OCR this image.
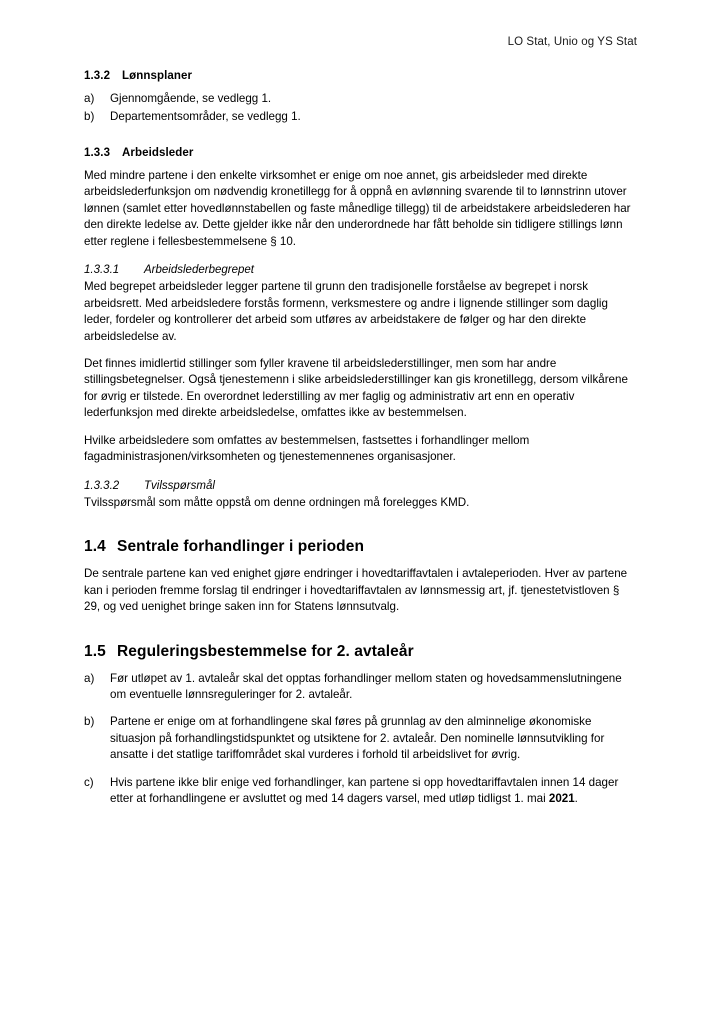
LO Stat, Unio og YS Stat
1.3.2 Lønnsplaner
a)	Gjennomgående, se vedlegg 1.
b)	Departementsområder, se vedlegg 1.
1.3.3 Arbeidsleder

Med mindre partene i den enkelte virksomhet er enige om noe annet, gis arbeidsleder med direkte arbeidslederfunksjon om nødvendig kronetillegg for å oppnå en avlønning svarende til to lønnstrinn utover lønnen (samlet etter hovedlønnstabellen og faste månedlige tillegg) til de arbeidstakere arbeidslederen har den direkte ledelse av. Dette gjelder ikke når den underordnede har fått beholde sin tidligere stillings lønn etter reglene i fellesbestemmelsene § 10.

1.3.3.1 Arbeidslederbegrepet

Med begrepet arbeidsleder legger partene til grunn den tradisjonelle forståelse av begrepet i norsk arbeidsrett. Med arbeidsledere forstås formenn, verksmestere og andre i lignende stillinger som daglig leder, fordeler og kontrollerer det arbeid som utføres av arbeidstakere de følger og har den direkte arbeidsledelse av.

Det finnes imidlertid stillinger som fyller kravene til arbeidslederstillinger, men som har andre stillingsbetegnelser. Også tjenestemenn i slike arbeidslederstillinger kan gis kronetillegg, dersom vilkårene for øvrig er tilstede. En overordnet lederstilling av mer faglig og administrativ art enn en operativ lederfunksjon med direkte arbeidsledelse, omfattes ikke av bestemmelsen.

Hvilke arbeidsledere som omfattes av bestemmelsen, fastsettes i forhandlinger mellom fagadministrasjonen/virksomheten og tjenestemennenes organisasjoner.

1.3.3.2 Tvilsspørsmål

Tvilsspørsmål som måtte oppstå om denne ordningen må forelegges KMD.

1.4 Sentrale forhandlinger i perioden

De sentrale partene kan ved enighet gjøre endringer i hovedtariffavtalen i avtaleperioden. Hver av partene kan i perioden fremme forslag til endringer i hovedtariffavtalen av lønnsmessig art, jf. tjenestetvistloven § 29, og ved uenighet bringe saken inn for Statens lønnsutvalg.

1.5 Reguleringsbestemmelse for 2. avtaleår
a)	Før utløpet av 1. avtaleår skal det opptas forhandlinger mellom staten og hovedsammenslutningene om eventuelle lønnsreguleringer for 2. avtaleår.
b)	Partene er enige om at forhandlingene skal føres på grunnlag av den alminnelige økonomiske situasjon på forhandlingstidspunktet og utsiktene for 2. avtaleår. Den nominelle lønnsutvikling for ansatte i det statlige tariffområdet skal vurderes i forhold til arbeidslivet for øvrig.
c)	Hvis partene ikke blir enige ved forhandlinger, kan partene si opp hovedtariffavtalen innen 14 dager etter at forhandlingene er avsluttet og med 14 dagers varsel, med utløp tidligst 1. mai 2021.
